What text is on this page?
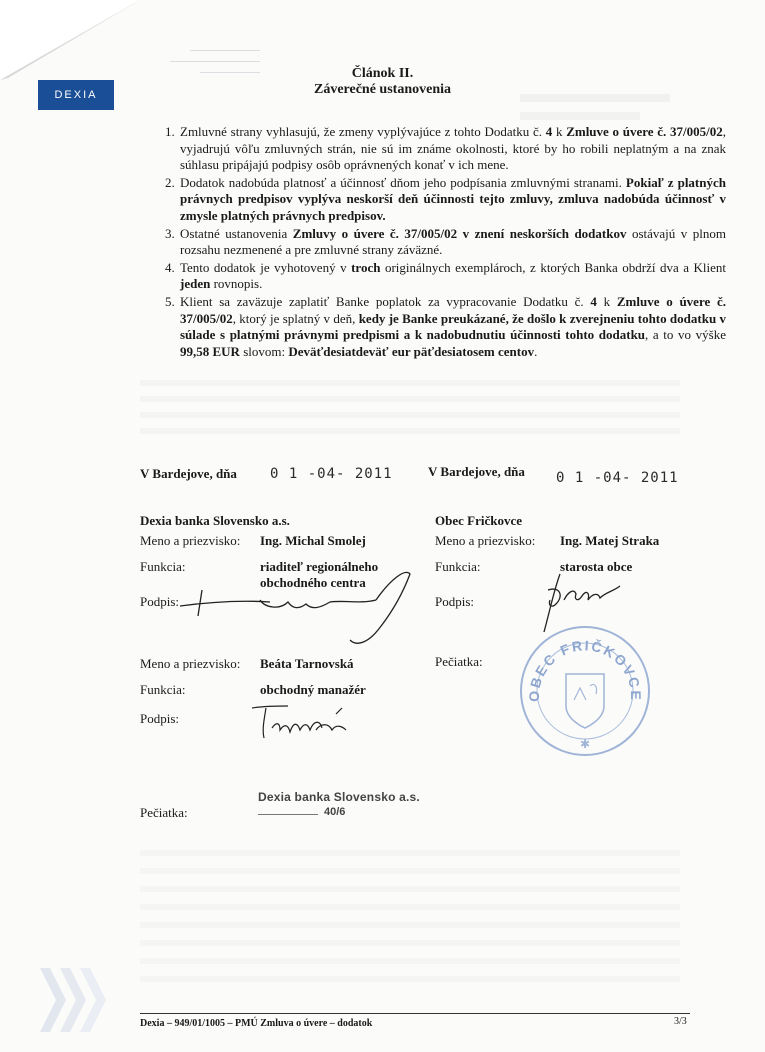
DEXIA
Článok II.
Záverečné ustanovenia
1. Zmluvné strany vyhlasujú, že zmeny vyplývajúce z tohto Dodatku č. 4 k Zmluve o úvere č. 37/005/02, vyjadrujú vôľu zmluvných strán, nie sú im známe okolnosti, ktoré by ho robili neplatným a na znak súhlasu pripájajú podpisy osôb oprávnených konať v ich mene.
2. Dodatok nadobúda platnosť a účinnosť dňom jeho podpísania zmluvnými stranami. Pokiaľ z platných právnych predpisov vyplýva neskorší deň účinnosti tejto zmluvy, zmluva nadobúda účinnosť v zmysle platných právnych predpisov.
3. Ostatné ustanovenia Zmluvy o úvere č. 37/005/02 v znení neskorších dodatkov ostávajú v plnom rozsahu nezmenené a pre zmluvné strany záväzné.
4. Tento dodatok je vyhotovený v troch originálnych exemplároch, z ktorých Banka obdrží dva a Klient jeden rovnopis.
5. Klient sa zaväzuje zaplatiť Banke poplatok za vypracovanie Dodatku č. 4 k Zmluve o úvere č. 37/005/02, ktorý je splatný v deň, kedy je Banke preukázané, že došlo k zverejneniu tohto dodatku v súlade s platnými právnymi predpismi a k nadobudnutiu účinnosti tohto dodatku, a to vo výške 99,58 EUR slovom: Deväťdesiatdeväť eur päťdesiatosem centov.
V Bardejove, dňa 0 1 -04- 2011
Dexia banka Slovensko a.s.
Meno a priezvisko: Ing. Michal Smolej
Funkcia:	riaditeľ regionálneho
obchodného centra
Podpis:
Meno a priezvisko: Beáta Tarnovská
Funkcia:	obchodný manažér
Podpis:
Pečiatka:
Dexia banka Slovensko a.s.
40/6
V Bardejove, dňa 0 1 -04- 2011
Obec Fričkovce
Meno a priezvisko: Ing. Matej Straka
Funkcia:	starosta obce
Podpis:
Pečiatka:
OBEC FRIČKOVCE
✱
Dexia – 949/01/1005 – PMÚ Zmluva o úvere – dodatok	3/3
